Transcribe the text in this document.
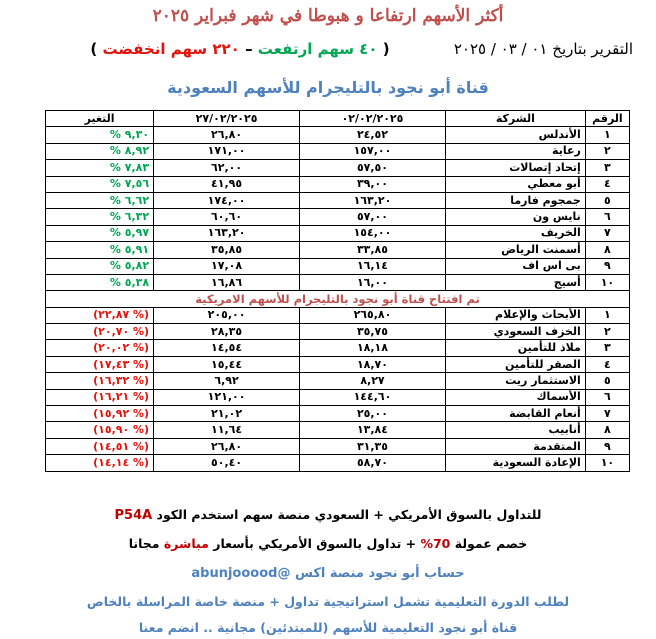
أكثر الأسهم ارتفاعا و هبوطا في شهر فبراير ٢٠٢٥
التقرير بتاريخ ٠١ / ٠٣ / ٢٠٢٥
( ٤٠ سهم ارتفعت – ٢٢٠ سهم انخفضت )
قناة أبو نجود بالتليجرام للأسهم السعودية
الرقم	الشركة	٠٢/٠٢/٢٠٢٥	٢٧/٠٢/٢٠٢٥	التغير
١	الأندلس	٢٤,٥٢	٢٦,٨٠	% ٩,٣٠
٢	رعاية	١٥٧,٠٠	١٧١,٠٠	% ٨,٩٢
٣	إتحاد إتصالات	٥٧,٥٠	٦٢,٠٠	% ٧,٨٣
٤	أبو معطي	٣٩,٠٠	٤١,٩٥	% ٧,٥٦
٥	جمجوم فارما	١٦٣,٢٠	١٧٤,٠٠	% ٦,٦٢
٦	نايس ون	٥٧,٠٠	٦٠,٦٠	% ٦,٣٢
٧	الخريف	١٥٤,٠٠	١٦٣,٢٠	% ٥,٩٧
٨	أسمنت الرياض	٣٣,٨٥	٣٥,٨٥	% ٥,٩١
٩	بى اس اف	١٦,١٤	١٧,٠٨	% ٥,٨٢
١٠	أسيج	١٦,٠٠	١٦,٨٦	% ٥,٣٨
تم افتتاح قناة أبو نجود بالتليجرام للأسهم الامريكية				
١	الأبحاث والإعلام	٢٦٥,٨٠	٢٠٥,٠٠	(٢٢,٨٧ %)
٢	الخزف السعودي	٣٥,٧٥	٢٨,٣٥	(٢٠,٧٠ %)
٣	ملاذ للتأمين	١٨,١٨	١٤,٥٤	(٢٠,٠٢ %)
٤	الصقر للتأمين	١٨,٧٠	١٥,٤٤	(١٧,٤٣ %)
٥	الاستثمار ريت	٨,٢٧	٦,٩٢	(١٦,٣٢ %)
٦	الأسماك	١٤٤,٦٠	١٢١,٠٠	(١٦,٢١ %)
٧	أنعام القابضة	٢٥,٠٠	٢١,٠٢	(١٥,٩٢ %)
٨	أنابيب	١٣,٨٤	١١,٦٤	(١٥,٩٠ %)
٩	المتقدمة	٣١,٣٥	٢٦,٨٠	(١٤,٥١ %)
١٠	الإعادة السعودية	٥٨,٧٠	٥٠,٤٠	(١٤,١٤ %)
للتداول بالسوق الأمريكي + السعودي منصة سهم استخدم الكود P54A
خصم عمولة 70% + تداول بالسوق الأمريكي بأسعار مباشرة مجانا
حساب أبو نجود منصة اكس @abunjooood
لطلب الدورة التعليمية تشمل استراتيجية تداول + منصة خاصة المراسلة بالخاص
قناة أبو نجود التعليمية للأسهم (للمبتدئين) مجانية .. انضم معنا
